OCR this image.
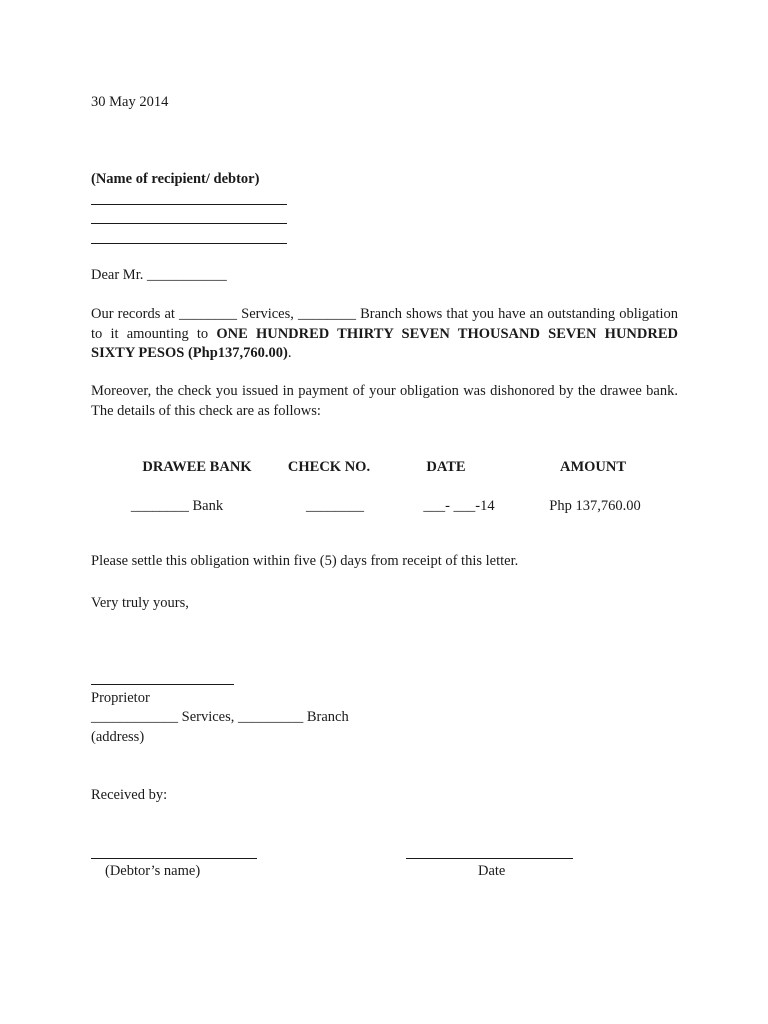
30 May 2014
(Name of recipient/ debtor)
Dear Mr. ___________
Our records at ________ Services, ________ Branch shows that you have an outstanding obligation to it amounting to ONE HUNDRED THIRTY SEVEN THOUSAND SEVEN HUNDRED SIXTY PESOS (Php137,760.00).
Moreover, the check you issued in payment of your obligation was dishonored by the drawee bank. The details of this check are as follows:
DRAWEE BANK	CHECK NO.	DATE	AMOUNT
________ Bank	________	___- ___-14	Php 137,760.00
Please settle this obligation within five (5) days from receipt of this letter.
Very truly yours,
Proprietor
____________ Services, _________ Branch
(address)
Received by:
(Debtor’s name)	Date
